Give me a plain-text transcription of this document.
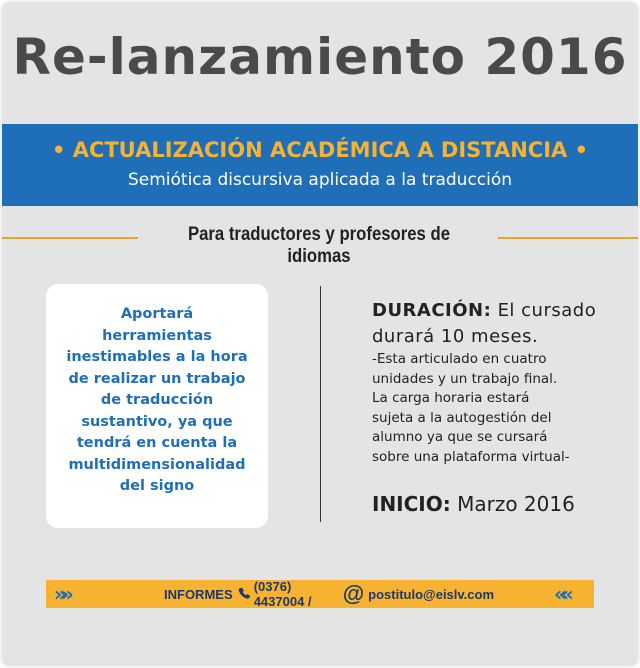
Re-lanzamiento 2016
• ACTUALIZACIÓN ACADÉMICA A DISTANCIA •
Semiótica discursiva aplicada a la traducción
Para traductores y profesores de idiomas
Aportará
herramientas
inestimables a la hora
de realizar un trabajo
de traducción
sustantivo, ya que
tendrá en cuenta la
multidimensionalidad
del signo
DURACIÓN: El cursado
durará 10 meses.
-Esta articulado en cuatro
unidades y un trabajo final.
La carga horaria estará
sujeta a la autogestión del
alumno ya que se cursará
sobre una plataforma virtual-
INICIO: Marzo 2016
»»	INFORMES (0376) 4437004 /	@ postitulo@eislv.com	««
